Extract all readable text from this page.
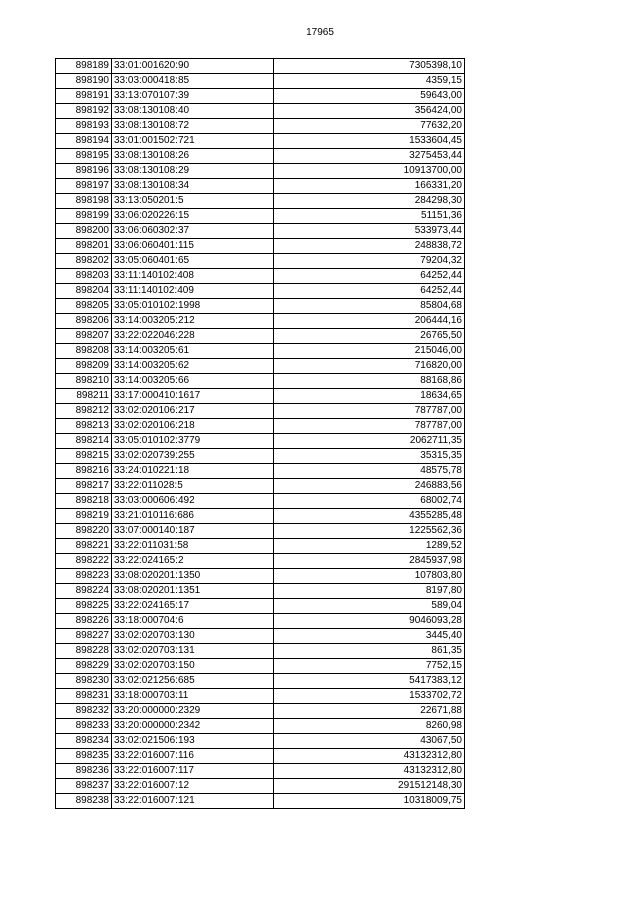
17965
898189	33:01:001620:90	7305398,10
898190	33:03:000418:85	4359,15
898191	33:13:070107:39	59643,00
898192	33:08:130108:40	356424,00
898193	33:08:130108:72	77632,20
898194	33:01:001502:721	1533604,45
898195	33:08:130108:26	3275453,44
898196	33:08:130108:29	10913700,00
898197	33:08:130108:34	166331,20
898198	33:13:050201:5	284298,30
898199	33:06:020226:15	51151,36
898200	33:06:060302:37	533973,44
898201	33:06:060401:115	248838,72
898202	33:05:060401:65	79204,32
898203	33:11:140102:408	64252,44
898204	33:11:140102:409	64252,44
898205	33:05:010102:1998	85804,68
898206	33:14:003205:212	206444,16
898207	33:22:022046:228	26765,50
898208	33:14:003205:61	215046,00
898209	33:14:003205:62	716820,00
898210	33:14:003205:66	88168,86
898211	33:17:000410:1617	18634,65
898212	33:02:020106:217	787787,00
898213	33:02:020106:218	787787,00
898214	33:05:010102:3779	2062711,35
898215	33:02:020739:255	35315,35
898216	33:24:010221:18	48575,78
898217	33:22:011028:5	246883,56
898218	33:03:000606:492	68002,74
898219	33:21:010116:686	4355285,48
898220	33:07:000140:187	1225562,36
898221	33:22:011031:58	1289,52
898222	33:22:024165:2	2845937,98
898223	33:08:020201:1350	107803,80
898224	33:08:020201:1351	8197,80
898225	33:22:024165:17	589,04
898226	33:18:000704:6	9046093,28
898227	33:02:020703:130	3445,40
898228	33:02:020703:131	861,35
898229	33:02:020703:150	7752,15
898230	33:02:021256:685	5417383,12
898231	33:18:000703:11	1533702,72
898232	33:20:000000:2329	22671,88
898233	33:20:000000:2342	8260,98
898234	33:02:021506:193	43067,50
898235	33:22:016007:116	43132312,80
898236	33:22:016007:117	43132312,80
898237	33:22:016007:12	291512148,30
898238	33:22:016007:121	10318009,75
